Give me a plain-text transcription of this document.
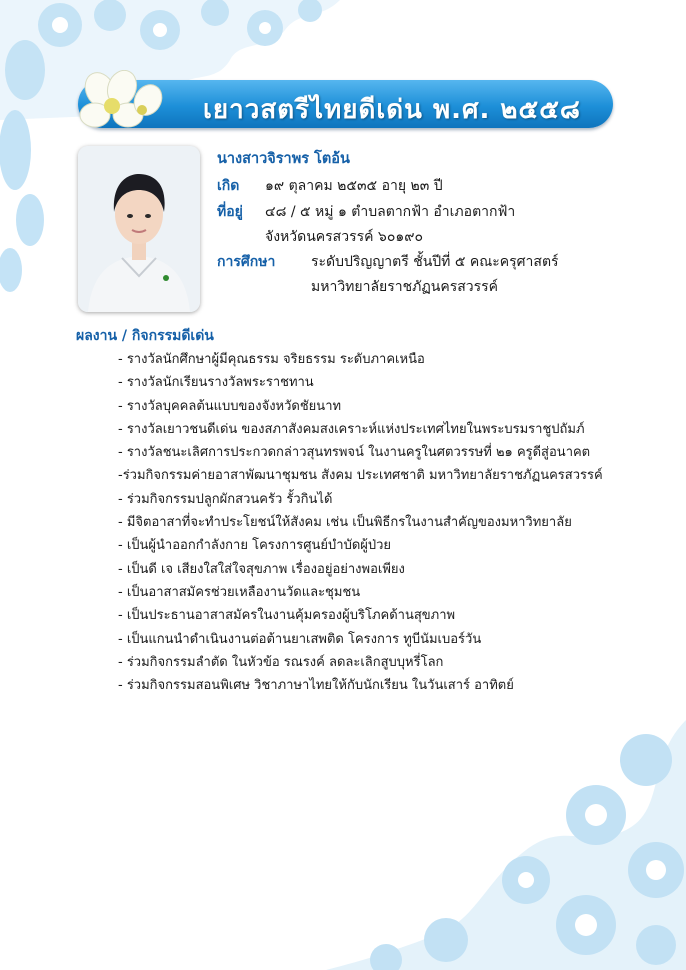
เยาวสตรีไทยดีเด่น พ.ศ. ๒๕๕๘
นางสาวจิราพร โตอ้น
เกิด ๑๙ ตุลาคม ๒๕๓๕ อายุ ๒๓ ปี
ที่อยู่ ๔๘ / ๕ หมู่ ๑ ตำบลตากฟ้า อำเภอตากฟ้า
จังหวัดนครสวรรค์ ๖๐๑๙๐
การศึกษา	ระดับปริญญาตรี ชั้นปีที่ ๕ คณะครุศาสตร์
มหาวิทยาลัยราชภัฏนครสวรรค์
ผลงาน / กิจกรรมดีเด่น
- รางวัลนักศึกษาผู้มีคุณธรรม จริยธรรม ระดับภาคเหนือ
- รางวัลนักเรียนรางวัลพระราชทาน
- รางวัลบุคคลต้นแบบของจังหวัดชัยนาท
- รางวัลเยาวชนดีเด่น ของสภาสังคมสงเคราะห์แห่งประเทศไทยในพระบรมราชูปถัมภ์
- รางวัลชนะเลิศการประกวดกล่าวสุนทรพจน์ ในงานครูในศตวรรษที่ ๒๑ ครูดีสู่อนาคต
-ร่วมกิจกรรมค่ายอาสาพัฒนาชุมชน สังคม ประเทศชาติ มหาวิทยาลัยราชภัฏนครสวรรค์
- ร่วมกิจกรรมปลูกผักสวนครัว รั้วกินได้
- มีจิตอาสาที่จะทำประโยชน์ให้สังคม เช่น เป็นพิธีกรในงานสำคัญของมหาวิทยาลัย
- เป็นผู้นำออกกำลังกาย โครงการศูนย์บำบัดผู้ป่วย
- เป็นดี เจ เสียงใสใส่ใจสุขภาพ เรื่องอยู่อย่างพอเพียง
- เป็นอาสาสมัครช่วยเหลืองานวัดและชุมชน
- เป็นประธานอาสาสมัครในงานคุ้มครองผู้บริโภคด้านสุขภาพ
- เป็นแกนนำดำเนินงานต่อต้านยาเสพติด โครงการ ทูบีนัมเบอร์วัน
- ร่วมกิจกรรมลำตัด ในหัวข้อ รณรงค์ ลดละเลิกสูบบุหรี่โลก
- ร่วมกิจกรรมสอนพิเศษ วิชาภาษาไทยให้กับนักเรียน ในวันเสาร์ อาทิตย์
